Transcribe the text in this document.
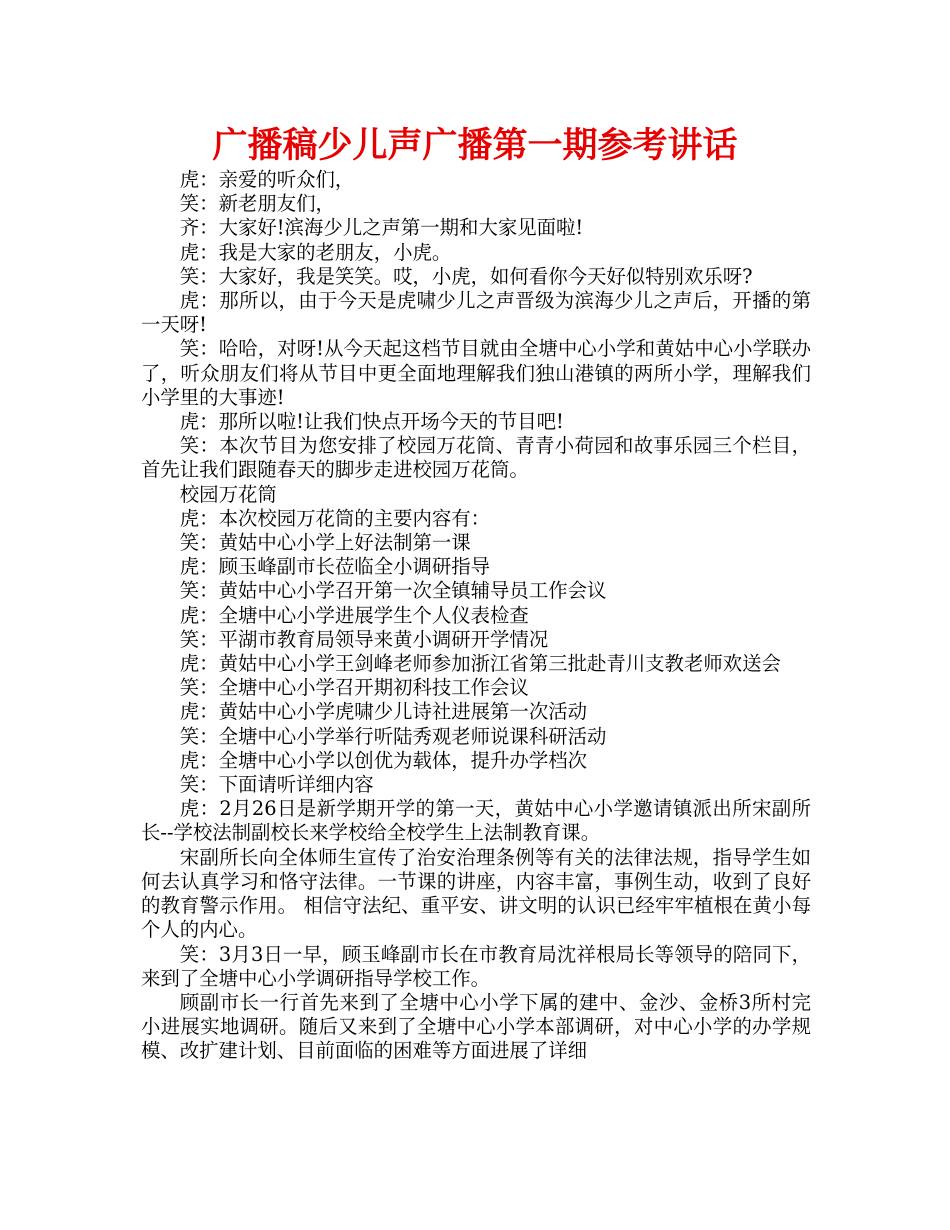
广播稿少儿声广播第一期参考讲话

虎：亲爱的听众们，

笑：新老朋友们，

齐：大家好!滨海少儿之声第一期和大家见面啦!

虎：我是大家的老朋友，小虎。

笑：大家好，我是笑笑。哎，小虎，如何看你今天好似特别欢乐呀?

虎：那所以，由于今天是虎啸少儿之声晋级为滨海少儿之声后，开播的第一天呀!

笑：哈哈，对呀!从今天起这档节目就由全塘中心小学和黄姑中心小学联办了，听众朋友们将从节目中更全面地理解我们独山港镇的两所小学，理解我们小学里的大事迹!

虎：那所以啦!让我们快点开场今天的节目吧!

笑：本次节目为您安排了校园万花筒、青青小荷园和故事乐园三个栏目，首先让我们跟随春天的脚步走进校园万花筒。

校园万花筒

虎：本次校园万花筒的主要内容有：

笑：黄姑中心小学上好法制第一课

虎：顾玉峰副市长莅临全小调研指导

笑：黄姑中心小学召开第一次全镇辅导员工作会议

虎：全塘中心小学进展学生个人仪表检查

笑：平湖市教育局领导来黄小调研开学情况

虎：黄姑中心小学王剑峰老师参加浙江省第三批赴青川支教老师欢送会

笑：全塘中心小学召开期初科技工作会议

虎：黄姑中心小学虎啸少儿诗社进展第一次活动

笑：全塘中心小学举行听陆秀观老师说课科研活动

虎：全塘中心小学以创优为载体，提升办学档次

笑：下面请听详细内容

虎：2月26日是新学期开学的第一天，黄姑中心小学邀请镇派出所宋副所长--学校法制副校长来学校给全校学生上法制教育课。

宋副所长向全体师生宣传了治安治理条例等有关的法律法规，指导学生如何去认真学习和恪守法律。一节课的讲座，内容丰富，事例生动，收到了良好的教育警示作用。 相信守法纪、重平安、讲文明的认识已经牢牢植根在黄小每个人的内心。

笑：3月3日一早，顾玉峰副市长在市教育局沈祥根局长等领导的陪同下，来到了全塘中心小学调研指导学校工作。

顾副市长一行首先来到了全塘中心小学下属的建中、金沙、金桥3所村完小进展实地调研。随后又来到了全塘中心小学本部调研，对中心小学的办学规模、改扩建计划、目前面临的困难等方面进展了详细
